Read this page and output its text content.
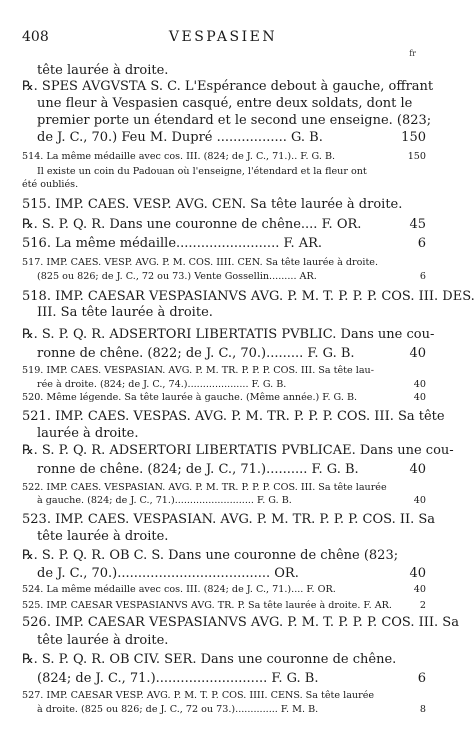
408	VESPASIEN
fr
tête laurée à droite.
℞. SPES AVGVSTA S. C. L'Espérance debout à gauche, offrant
une fleur à Vespasien casqué, entre deux soldats, dont le
premier porte un étendard et le second une enseigne. (823;
de J. C., 70.) Feu M. Dupré ................. G. B.	150
514. La même médaille avec cos. III. (824; de J. C., 71.).. F. G. B.	150
Il existe un coin du Padouan où l'enseigne, l'étendard et la fleur ont
été oubliés.
515. IMP. CAES. VESP. AVG. CEN. Sa tête laurée à droite.
℞. S. P. Q. R. Dans une couronne de chêne.... F. OR.	45
516. La même médaille......................... F. AR.	6
517. IMP. CAES. VESP. AVG. P. M. COS. IIII. CEN. Sa tête laurée à droite.
(825 ou 826; de J. C., 72 ou 73.) Vente Gossellin......... AR.	6
518. IMP. CAESAR VESPASIANVS AVG. P. M. T. P. P. P. COS. III. DES.
III. Sa tête laurée à droite.
℞. S. P. Q. R. ADSERTORI LIBERTATIS PVBLIC. Dans une cou-
ronne de chêne. (822; de J. C., 70.)......... F. G. B.	40
519. IMP. CAES. VESPASIAN. AVG. P. M. TR. P. P. P. COS. III. Sa tête lau-
rée à droite. (824; de J. C., 74.).................... F. G. B.	40
520. Même légende. Sa tête laurée à gauche. (Même année.) F. G. B.	40
521. IMP. CAES. VESPAS. AVG. P. M. TR. P. P. P. COS. III. Sa tête
laurée à droite.
℞. S. P. Q. R. ADSERTORI LIBERTATIS PVBLICAE. Dans une cou-
ronne de chêne. (824; de J. C., 71.).......... F. G. B.	40
522. IMP. CAES. VESPASIAN. AVG. P. M. TR. P. P. P. COS. III. Sa tête laurée
à gauche. (824; de J. C., 71.).......................... F. G. B.	40
523. IMP. CAES. VESPASIAN. AVG. P. M. TR. P. P. P. COS. II. Sa
tête laurée à droite.
℞. S. P. Q. R. OB C. S. Dans une couronne de chêne (823;
de J. C., 70.)..................................... OR.	40
524. La même médaille avec cos. III. (824; de J. C., 71.).... F. OR.	40
525. IMP. CAESAR VESPASIANVS AVG. TR. P. Sa tête laurée à droite. F. AR.	2
526. IMP. CAESAR VESPASIANVS AVG. P. M. T. P. P. P. COS. III. Sa
tête laurée à droite.
℞. S. P. Q. R. OB CIV. SER. Dans une couronne de chêne.
(824; de J. C., 71.)........................... F. G. B.	6
527. IMP. CAESAR VESP. AVG. P. M. T. P. COS. IIII. CENS. Sa tête laurée
à droite. (825 ou 826; de J. C., 72 ou 73.).............. F. M. B.	8
